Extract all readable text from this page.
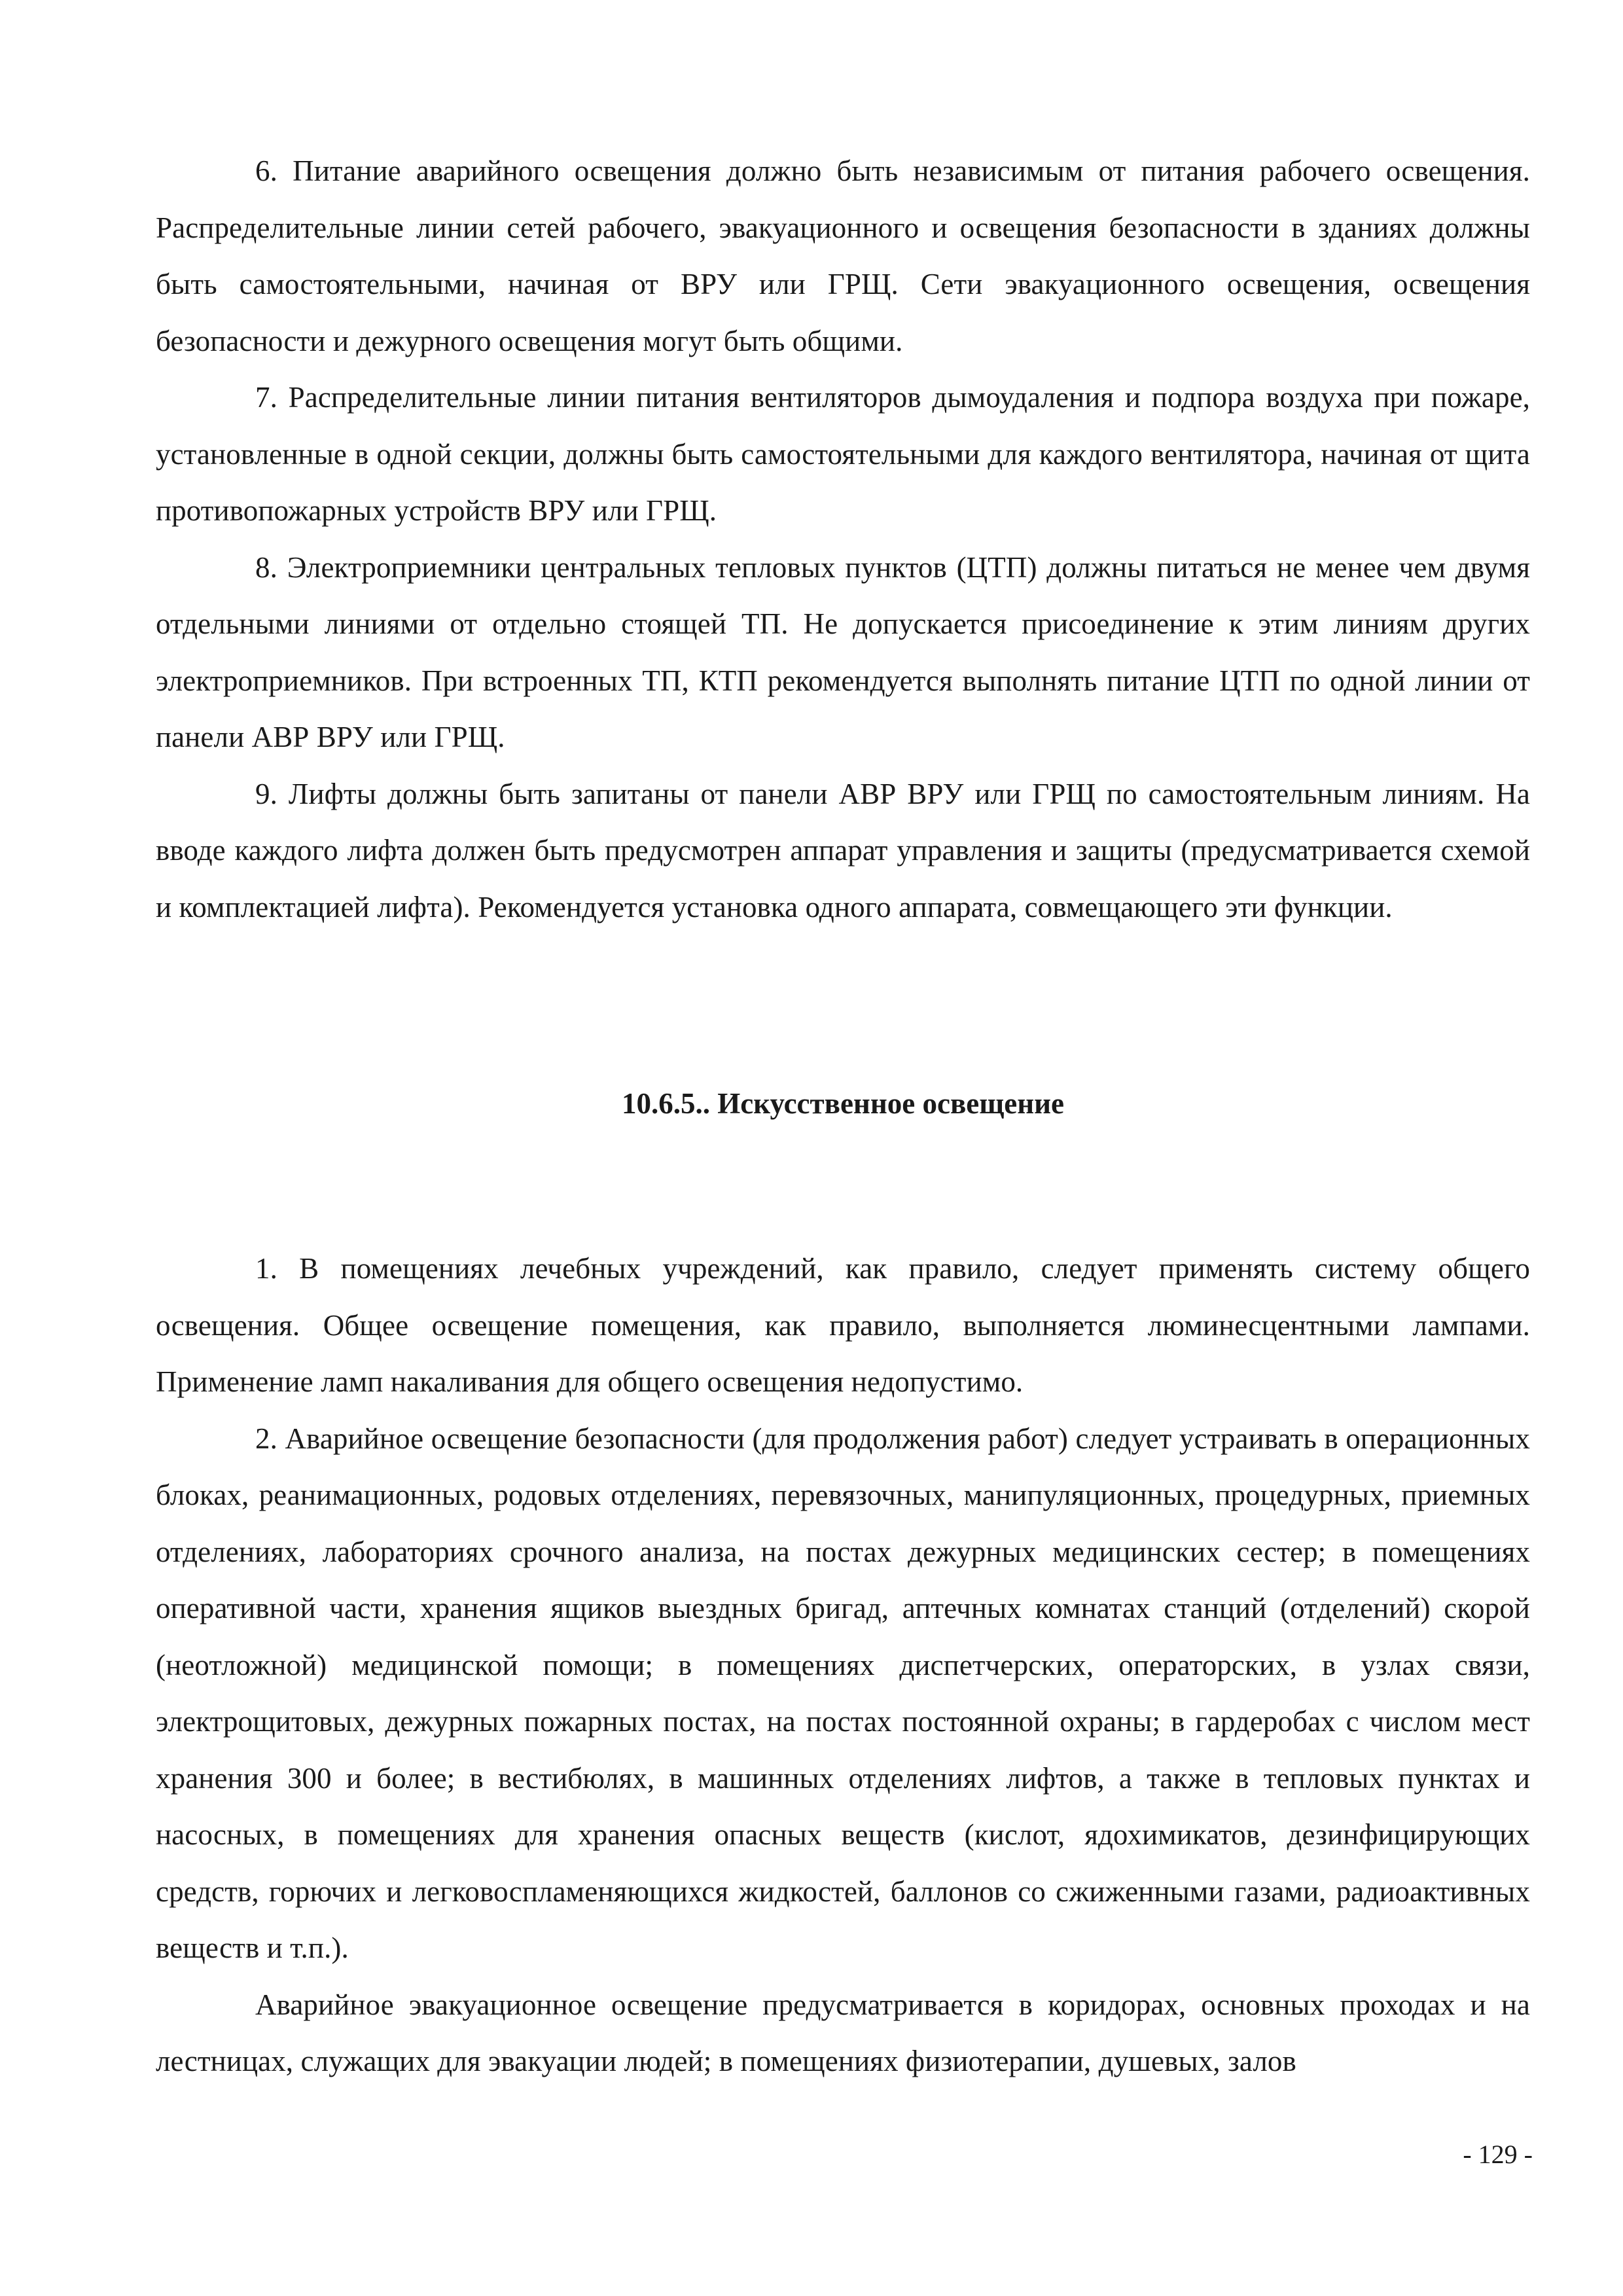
6. Питание аварийного освещения должно быть независимым от питания рабочего освещения. Распределительные линии сетей рабочего, эвакуационного и освещения безопасности в зданиях должны быть самостоятельными, начиная от ВРУ или ГРЩ. Сети эвакуационного освещения, освещения безопасности и дежурного освещения могут быть общими.

7. Распределительные линии питания вентиляторов дымоудаления и подпора воздуха при пожаре, установленные в одной секции, должны быть самостоятельными для каждого вентилятора, начиная от щита противопожарных устройств ВРУ или ГРЩ.

8. Электроприемники центральных тепловых пунктов (ЦТП) должны питаться не менее чем двумя отдельными линиями от отдельно стоящей ТП. Не допускается присоединение к этим линиям других электроприемников. При встроенных ТП, КТП рекомендуется выполнять питание ЦТП по одной линии от панели АВР ВРУ или ГРЩ.

9. Лифты должны быть запитаны от панели АВР ВРУ или ГРЩ по самостоятельным линиям. На вводе каждого лифта должен быть предусмотрен аппарат управления и защиты (предусматривается схемой и комплектацией лифта). Рекомендуется установка одного аппарата, совмещающего эти функции.

10.6.5.. Искусственное освещение

1. В помещениях лечебных учреждений, как правило, следует применять систему общего освещения. Общее освещение помещения, как правило, выполняется люминесцентными лампами. Применение ламп накаливания для общего освещения недопустимо.

2. Аварийное освещение безопасности (для продолжения работ) следует устраивать в операционных блоках, реанимационных, родовых отделениях, перевязочных, манипуляционных, процедурных, приемных отделениях, лабораториях срочного анализа, на постах дежурных медицинских сестер; в помещениях оперативной части, хранения ящиков выездных бригад, аптечных комнатах станций (отделений) скорой (неотложной) медицинской помощи; в помещениях диспетчерских, операторских, в узлах связи, электрощитовых, дежурных пожарных постах, на постах постоянной охраны; в гардеробах с числом мест хранения 300 и более; в вестибюлях, в машинных отделениях лифтов, а также в тепловых пунктах и насосных, в помещениях для хранения опасных веществ (кислот, ядохимикатов, дезинфицирующих средств, горючих и легковоспламеняющихся жидкостей, баллонов со сжиженными газами, радиоактивных веществ и т.п.).

Аварийное эвакуационное освещение предусматривается в коридорах, основных проходах и на лестницах, служащих для эвакуации людей; в помещениях физиотерапии, душевых, залов

- 129 -
